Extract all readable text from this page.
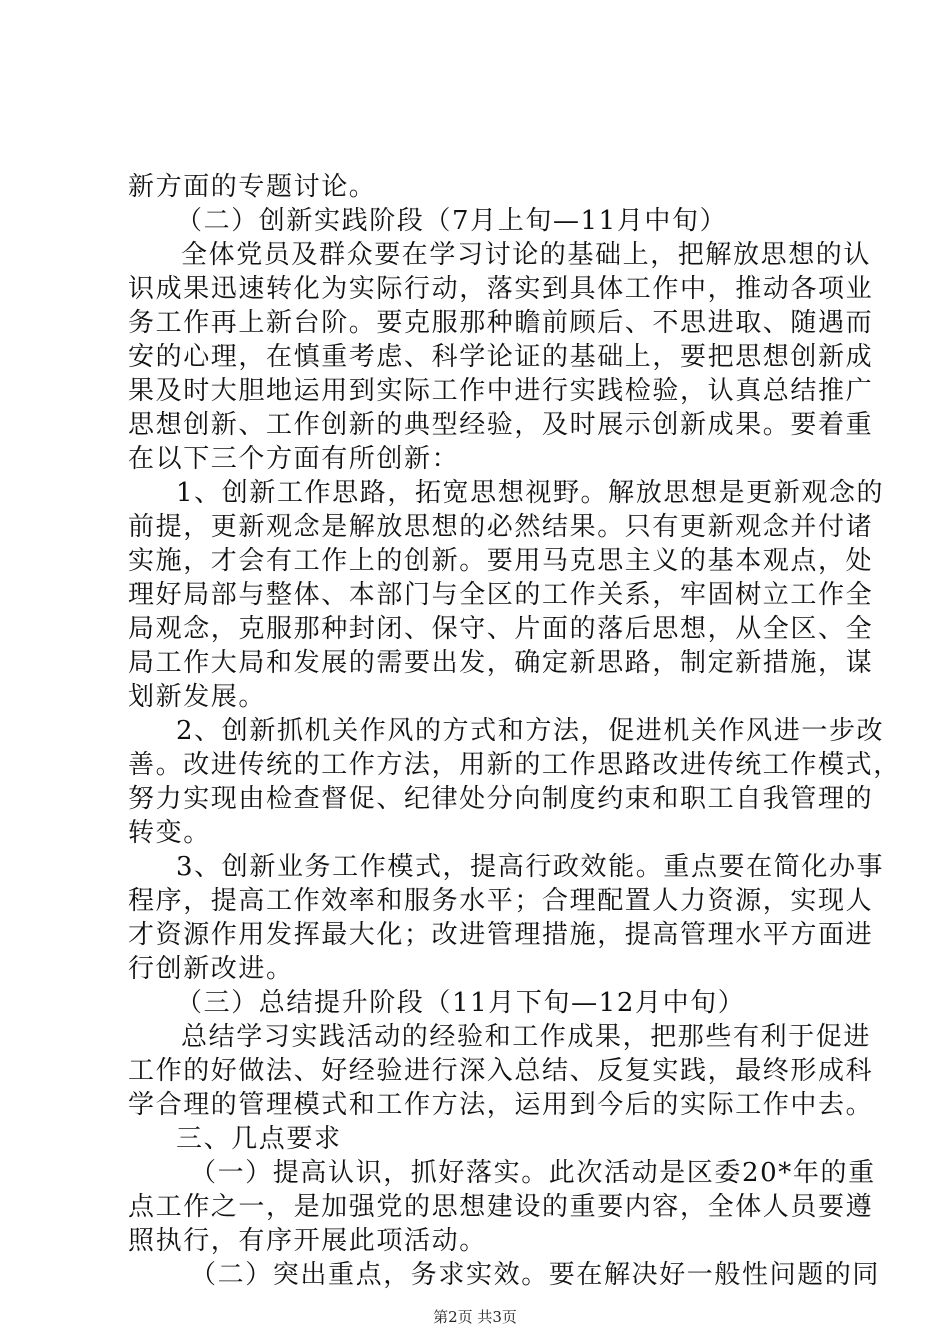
新方面的专题讨论。
（二）创新实践阶段（7月上旬—11月中旬）
全体党员及群众要在学习讨论的基础上，把解放思想的认
识成果迅速转化为实际行动，落实到具体工作中，推动各项业
务工作再上新台阶。要克服那种瞻前顾后、不思进取、随遇而
安的心理，在慎重考虑、科学论证的基础上，要把思想创新成
果及时大胆地运用到实际工作中进行实践检验，认真总结推广
思想创新、工作创新的典型经验，及时展示创新成果。要着重
在以下三个方面有所创新：
1、创新工作思路，拓宽思想视野。解放思想是更新观念的
前提，更新观念是解放思想的必然结果。只有更新观念并付诸
实施，才会有工作上的创新。要用马克思主义的基本观点，处
理好局部与整体、本部门与全区的工作关系，牢固树立工作全
局观念，克服那种封闭、保守、片面的落后思想，从全区、全
局工作大局和发展的需要出发，确定新思路，制定新措施，谋
划新发展。
2、创新抓机关作风的方式和方法，促进机关作风进一步改
善。改进传统的工作方法，用新的工作思路改进传统工作模式，
努力实现由检查督促、纪律处分向制度约束和职工自我管理的
转变。
3、创新业务工作模式，提高行政效能。重点要在简化办事
程序，提高工作效率和服务水平；合理配置人力资源，实现人
才资源作用发挥最大化；改进管理措施，提高管理水平方面进
行创新改进。
（三）总结提升阶段（11月下旬—12月中旬）
总结学习实践活动的经验和工作成果，把那些有利于促进
工作的好做法、好经验进行深入总结、反复实践，最终形成科
学合理的管理模式和工作方法，运用到今后的实际工作中去。
三、几点要求
（一）提高认识，抓好落实。此次活动是区委20*年的重
点工作之一，是加强党的思想建设的重要内容，全体人员要遵
照执行，有序开展此项活动。
（二）突出重点，务求实效。要在解决好一般性问题的同
第2页 共3页
